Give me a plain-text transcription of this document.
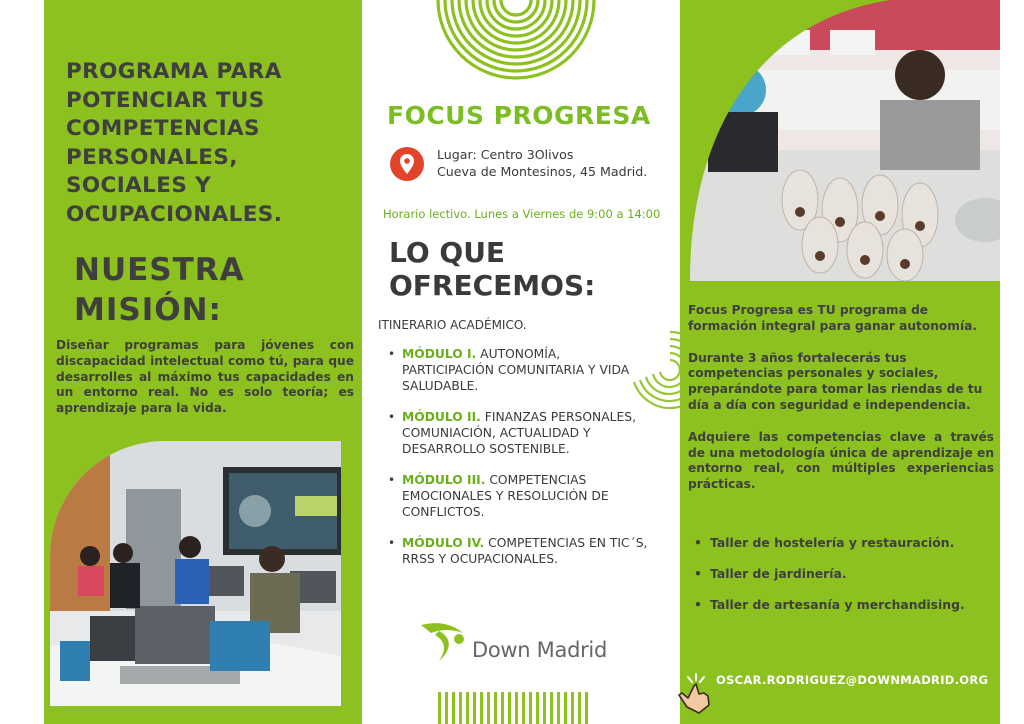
PROGRAMA PARA POTENCIAR TUS COMPETENCIAS PERSONALES, SOCIALES Y OCUPACIONALES.
NUESTRA MISIÓN:

Diseñar programas para jóvenes con discapacidad intelectual como tú, para que desarrolles al máximo tus capacidades en un entorno real. No es solo teoría; es aprendizaje para la vida.

FOCUS PROGRESA
Lugar: Centro 3Olivos
Cueva de Montesinos, 45 Madrid.
Horario lectivo. Lunes a Viernes de 9:00 a 14:00
LO QUE
OFRECEMOS:
ITINERARIO ACADÉMICO.
• MÓDULO I. AUTONOMÍA, PARTICIPACIÓN COMUNITARIA Y VIDA SALUDABLE.
• MÓDULO II. FINANZAS PERSONALES, COMUNIACIÓN, ACTUALIDAD Y DESARROLLO SOSTENIBLE.
• MÓDULO III. COMPETENCIAS EMOCIONALES Y RESOLUCIÓN DE CONFLICTOS.
• MÓDULO IV. COMPETENCIAS EN TIC´S, RRSS Y OCUPACIONALES.
Down Madrid

Focus Progresa es TU programa de formación integral para ganar autonomía.

Durante 3 años fortalecerás tus competencias personales y sociales, preparándote para tomar las riendas de tu día a día con seguridad e independencia.

Adquiere las competencias clave a través de una metodología única de aprendizaje en entorno real, con múltiples experiencias prácticas.

• Taller de hostelería y restauración.
• Taller de jardinería.
• Taller de artesanía y merchandising.
OSCAR.RODRIGUEZ@DOWNMADRID.ORG
